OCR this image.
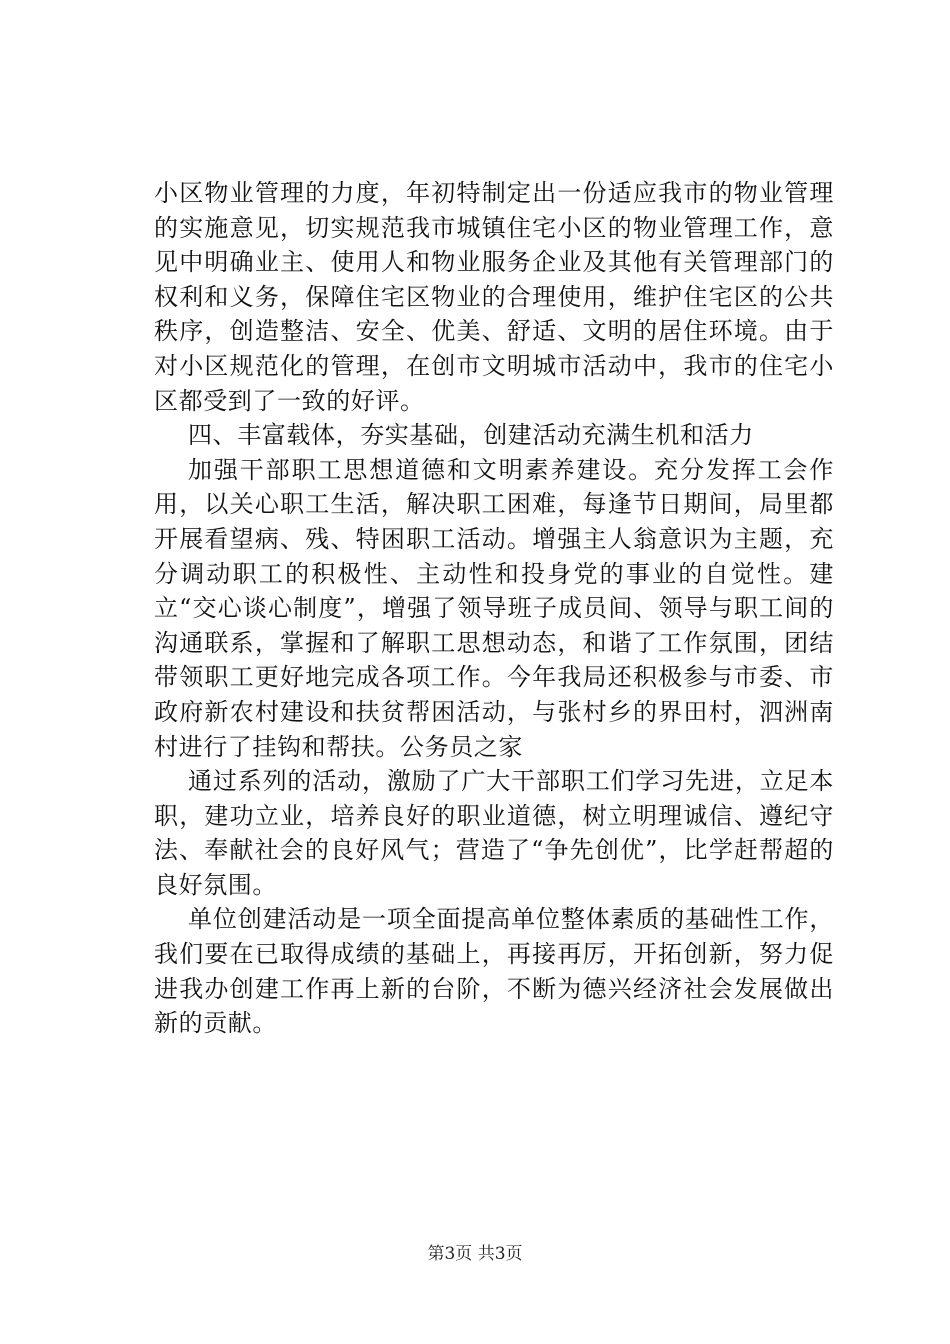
小区物业管理的力度，年初特制定出一份适应我市的物业管理的实施意见，切实规范我市城镇住宅小区的物业管理工作，意见中明确业主、使用人和物业服务企业及其他有关管理部门的权利和义务，保障住宅区物业的合理使用，维护住宅区的公共秩序，创造整洁、安全、优美、舒适、文明的居住环境。由于对小区规范化的管理，在创市文明城市活动中，我市的住宅小区都受到了一致的好评。

四、丰富载体，夯实基础，创建活动充满生机和活力

加强干部职工思想道德和文明素养建设。充分发挥工会作用，以关心职工生活，解决职工困难，每逢节日期间，局里都开展看望病、残、特困职工活动。增强主人翁意识为主题，充分调动职工的积极性、主动性和投身党的事业的自觉性。建立“交心谈心制度”，增强了领导班子成员间、领导与职工间的沟通联系，掌握和了解职工思想动态，和谐了工作氛围，团结带领职工更好地完成各项工作。今年我局还积极参与市委、市政府新农村建设和扶贫帮困活动，与张村乡的界田村，泗洲南村进行了挂钩和帮扶。公务员之家

通过系列的活动，激励了广大干部职工们学习先进，立足本职，建功立业，培养良好的职业道德，树立明理诚信、遵纪守法、奉献社会的良好风气；营造了“争先创优”，比学赶帮超的良好氛围。

单位创建活动是一项全面提高单位整体素质的基础性工作，我们要在已取得成绩的基础上，再接再厉，开拓创新，努力促进我办创建工作再上新的台阶，不断为德兴经济社会发展做出新的贡献。

第3页 共3页
